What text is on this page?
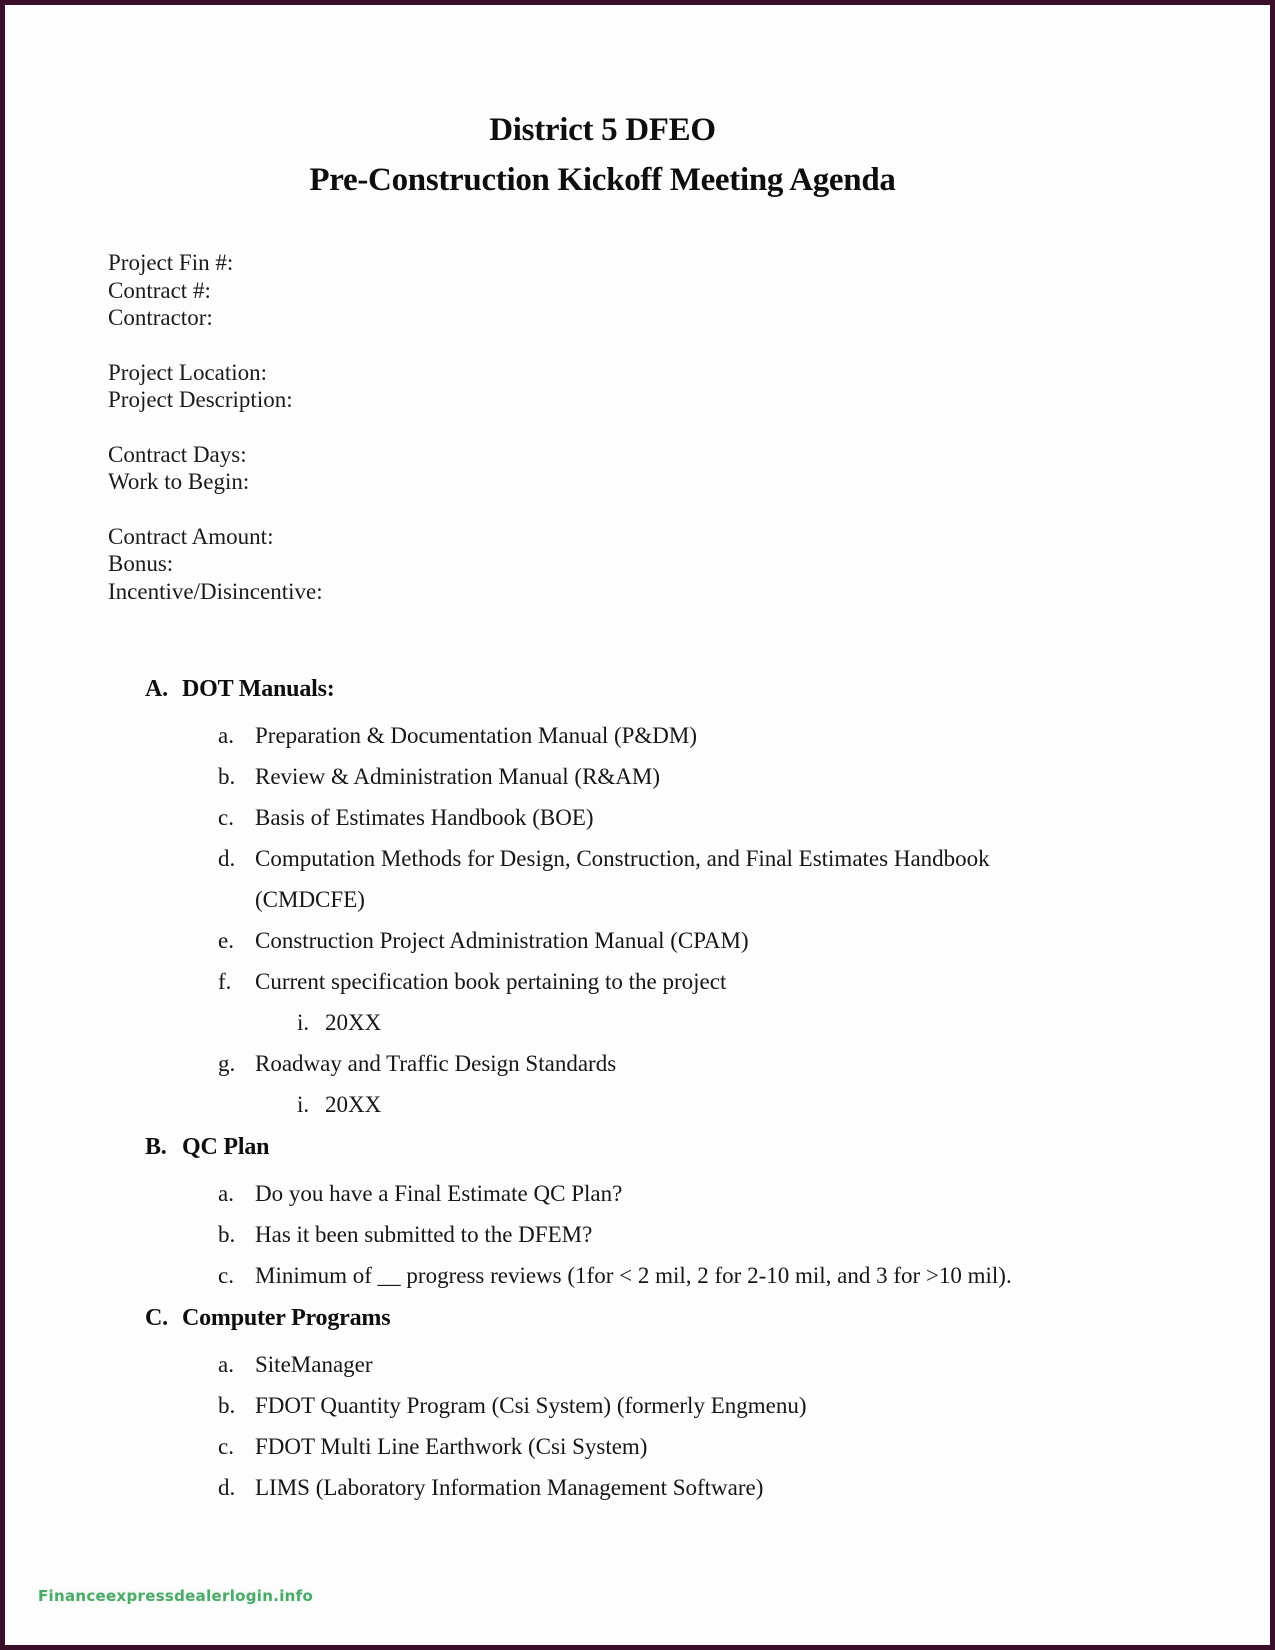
District 5 DFEO
Pre-Construction Kickoff Meeting Agenda
Project Fin #:
Contract #:
Contractor:
Project Location:
Project Description:
Contract Days:
Work to Begin:
Contract Amount:
Bonus:
Incentive/Disincentive:
A. DOT Manuals:
a. Preparation & Documentation Manual (P&DM)
b. Review & Administration Manual (R&AM)
c. Basis of Estimates Handbook (BOE)
d. Computation Methods for Design, Construction, and Final Estimates Handbook (CMDCFE)
e. Construction Project Administration Manual (CPAM)
f.	Current specification book pertaining to the project
i. 20XX
g. Roadway and Traffic Design Standards
i. 20XX
B. QC Plan
a. Do you have a Final Estimate QC Plan?
b. Has it been submitted to the DFEM?
c. Minimum of __ progress reviews (1for < 2 mil, 2 for 2-10 mil, and 3 for >10 mil).
C. Computer Programs
a. SiteManager
b. FDOT Quantity Program (Csi System) (formerly Engmenu)
c. FDOT Multi Line Earthwork (Csi System)
d. LIMS (Laboratory Information Management Software)
Financeexpressdealerlogin.info
